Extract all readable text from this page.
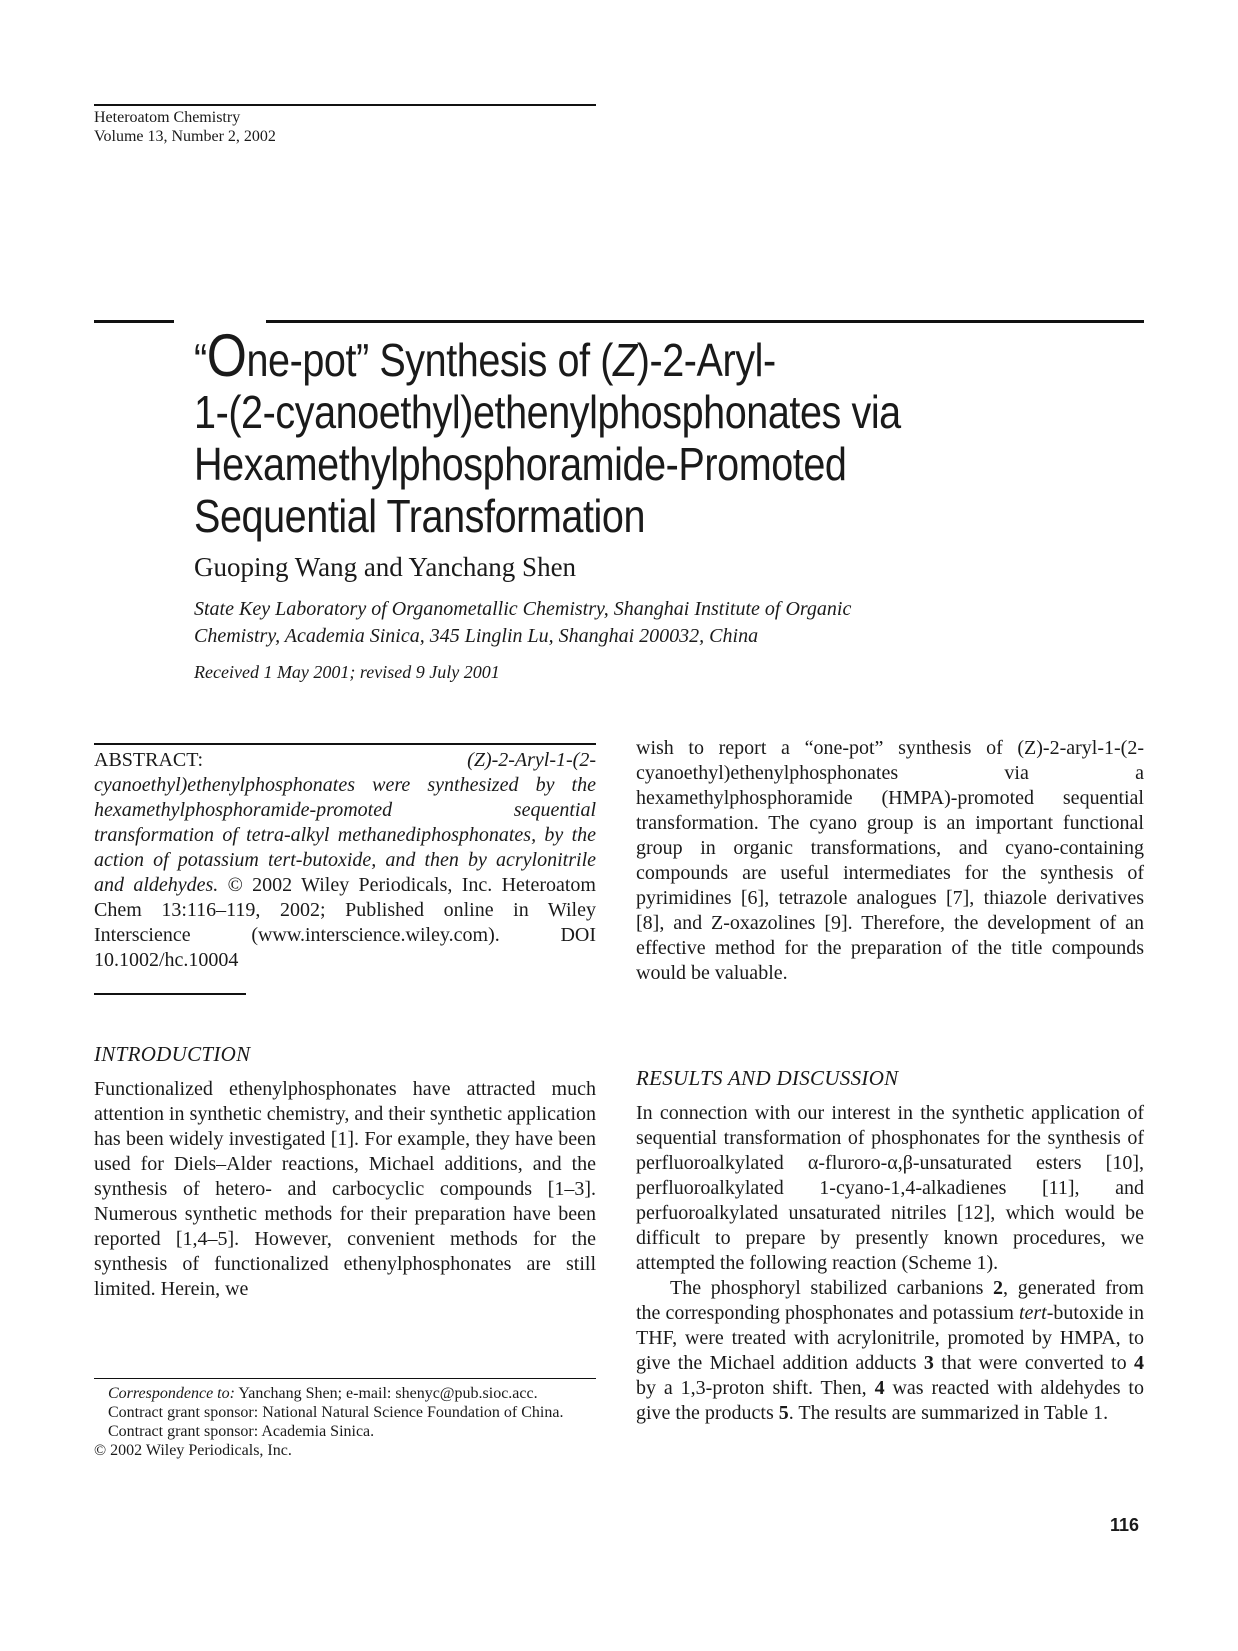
Heteroatom Chemistry
Volume 13, Number 2, 2002
“One-pot” Synthesis of (Z)-2-Aryl-
1-(2-cyanoethyl)ethenylphosphonates via
Hexamethylphosphoramide-Promoted
Sequential Transformation
Guoping Wang and Yanchang Shen
State Key Laboratory of Organometallic Chemistry, Shanghai Institute of Organic
Chemistry, Academia Sinica, 345 Linglin Lu, Shanghai 200032, China
Received 1 May 2001; revised 9 July 2001
ABSTRACT: (Z)-2-Aryl-1-(2-cyanoethyl)ethenylphosphonates were synthesized by the hexamethylphosphoramide-promoted sequential transformation of tetra-alkyl methanediphosphonates, by the action of potassium tert-butoxide, and then by acrylonitrile and aldehydes. © 2002 Wiley Periodicals, Inc. Heteroatom Chem 13:116–119, 2002; Published online in Wiley Interscience (www.interscience.wiley.com). DOI 10.1002/hc.10004
INTRODUCTION
Functionalized ethenylphosphonates have attracted much attention in synthetic chemistry, and their synthetic application has been widely investigated [1]. For example, they have been used for Diels–Alder reactions, Michael additions, and the synthesis of hetero- and carbocyclic compounds [1–3]. Numerous synthetic methods for their preparation have been reported [1,4–5]. However, convenient methods for the synthesis of functionalized ethenylphosphonates are still limited. Herein, we
wish to report a “one-pot” synthesis of (Z)-2-aryl-1-(2-cyanoethyl)ethenylphosphonates via a hexamethylphosphoramide (HMPA)-promoted sequential transformation. The cyano group is an important functional group in organic transformations, and cyano-containing compounds are useful intermediates for the synthesis of pyrimidines [6], tetrazole analogues [7], thiazole derivatives [8], and Z-oxazolines [9]. Therefore, the development of an effective method for the preparation of the title compounds would be valuable.
RESULTS AND DISCUSSION

In connection with our interest in the synthetic application of sequential transformation of phosphonates for the synthesis of perfluoroalkylated α-fluroro-α,β-unsaturated esters [10], perfluoroalkylated 1-cyano-1,4-alkadienes [11], and perfuoroalkylated unsaturated nitriles [12], which would be difficult to prepare by presently known procedures, we attempted the following reaction (Scheme 1).

The phosphoryl stabilized carbanions 2, generated from the corresponding phosphonates and potassium tert-butoxide in THF, were treated with acrylonitrile, promoted by HMPA, to give the Michael addition adducts 3 that were converted to 4 by a 1,3-proton shift. Then, 4 was reacted with aldehydes to give the products 5. The results are summarized in Table 1.

Correspondence to: Yanchang Shen; e-mail: shenyc@pub.sioc.acc.
Contract grant sponsor: National Natural Science Foundation of China.
Contract grant sponsor: Academia Sinica.
© 2002 Wiley Periodicals, Inc.
116
